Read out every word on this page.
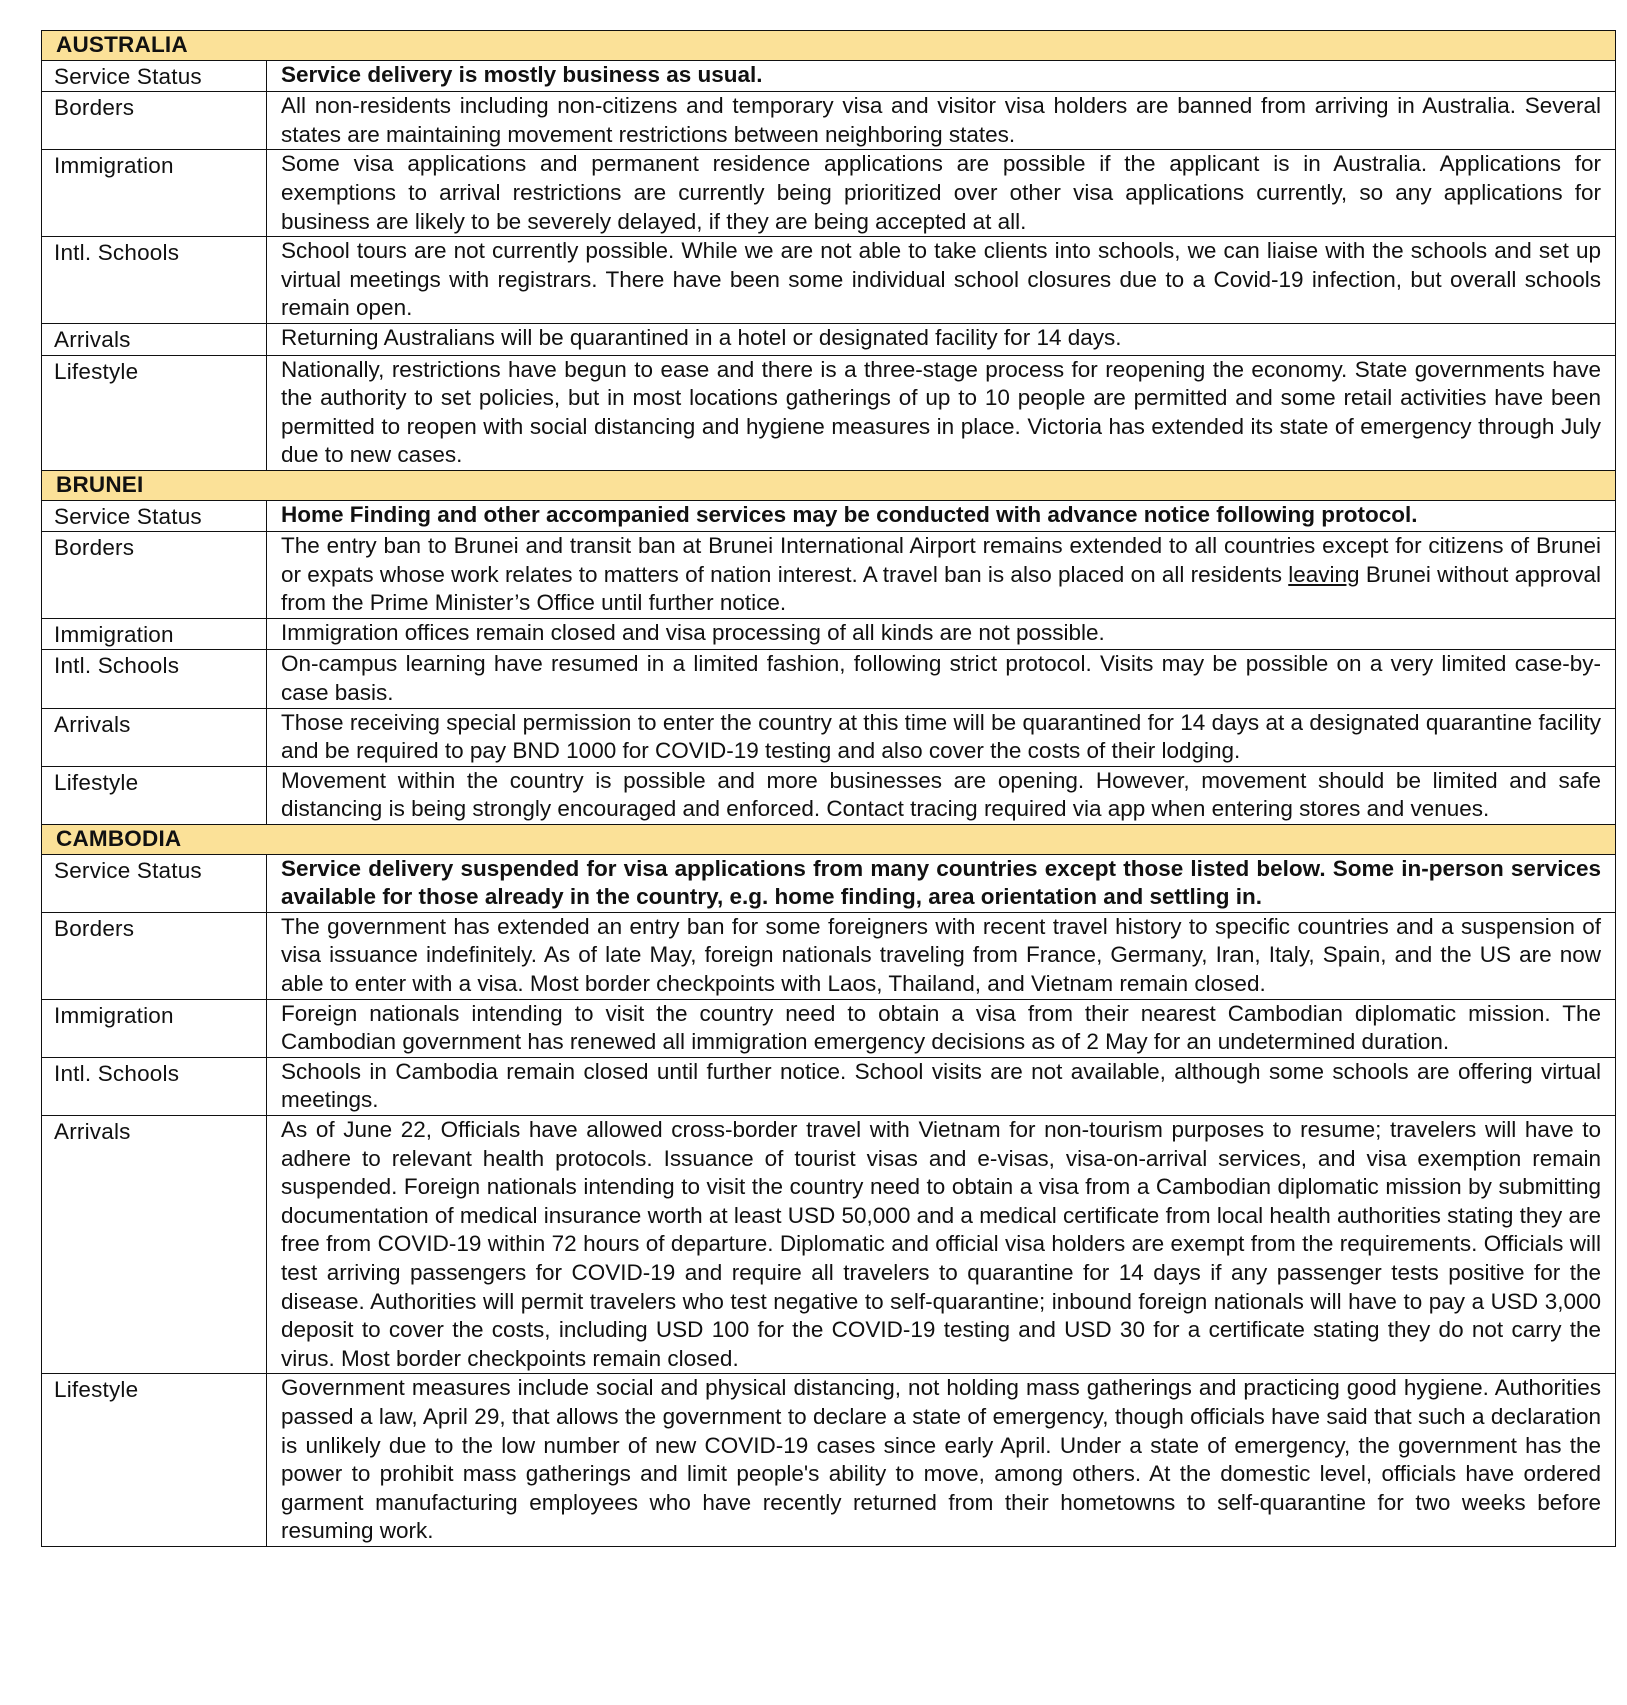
AUSTRALIA	
Service Status	Service delivery is mostly business as usual.
Borders	All non-residents including non-citizens and temporary visa and visitor visa holders are banned from arriving in Australia. Several states are maintaining movement restrictions between neighboring states.
Immigration	Some visa applications and permanent residence applications are possible if the applicant is in Australia. Applications for exemptions to arrival restrictions are currently being prioritized over other visa applications currently, so any applications for business are likely to be severely delayed, if they are being accepted at all.
Intl. Schools	School tours are not currently possible. While we are not able to take clients into schools, we can liaise with the schools and set up virtual meetings with registrars. There have been some individual school closures due to a Covid-19 infection, but overall schools remain open.
Arrivals	Returning Australians will be quarantined in a hotel or designated facility for 14 days.
Lifestyle	Nationally, restrictions have begun to ease and there is a three-stage process for reopening the economy. State governments have the authority to set policies, but in most locations gatherings of up to 10 people are permitted and some retail activities have been permitted to reopen with social distancing and hygiene measures in place. Victoria has extended its state of emergency through July due to new cases.
BRUNEI	
Service Status	Home Finding and other accompanied services may be conducted with advance notice following protocol.
Borders	The entry ban to Brunei and transit ban at Brunei International Airport remains extended to all countries except for citizens of Brunei or expats whose work relates to matters of nation interest. A travel ban is also placed on all residents leaving Brunei without approval from the Prime Minister’s Office until further notice.
Immigration	Immigration offices remain closed and visa processing of all kinds are not possible.
Intl. Schools	On-campus learning have resumed in a limited fashion, following strict protocol. Visits may be possible on a very limited case-by-case basis.
Arrivals	Those receiving special permission to enter the country at this time will be quarantined for 14 days at a designated quarantine facility and be required to pay BND 1000 for COVID-19 testing and also cover the costs of their lodging.
Lifestyle	Movement within the country is possible and more businesses are opening. However, movement should be limited and safe distancing is being strongly encouraged and enforced. Contact tracing required via app when entering stores and venues.
CAMBODIA	
Service Status	Service delivery suspended for visa applications from many countries except those listed below. Some in-person services available for those already in the country, e.g. home finding, area orientation and settling in.
Borders	The government has extended an entry ban for some foreigners with recent travel history to specific countries and a suspension of visa issuance indefinitely. As of late May, foreign nationals traveling from France, Germany, Iran, Italy, Spain, and the US are now able to enter with a visa. Most border checkpoints with Laos, Thailand, and Vietnam remain closed.
Immigration	Foreign nationals intending to visit the country need to obtain a visa from their nearest Cambodian diplomatic mission. The Cambodian government has renewed all immigration emergency decisions as of 2 May for an undetermined duration.
Intl. Schools	Schools in Cambodia remain closed until further notice. School visits are not available, although some schools are offering virtual meetings.
Arrivals	As of June 22, Officials have allowed cross-border travel with Vietnam for non-tourism purposes to resume; travelers will have to adhere to relevant health protocols. Issuance of tourist visas and e-visas, visa-on-arrival services, and visa exemption remain suspended. Foreign nationals intending to visit the country need to obtain a visa from a Cambodian diplomatic mission by submitting documentation of medical insurance worth at least USD 50,000 and a medical certificate from local health authorities stating they are free from COVID-19 within 72 hours of departure. Diplomatic and official visa holders are exempt from the requirements. Officials will test arriving passengers for COVID-19 and require all travelers to quarantine for 14 days if any passenger tests positive for the disease. Authorities will permit travelers who test negative to self-quarantine; inbound foreign nationals will have to pay a USD 3,000 deposit to cover the costs, including USD 100 for the COVID-19 testing and USD 30 for a certificate stating they do not carry the virus. Most border checkpoints remain closed.
Lifestyle	Government measures include social and physical distancing, not holding mass gatherings and practicing good hygiene. Authorities passed a law, April 29, that allows the government to declare a state of emergency, though officials have said that such a declaration is unlikely due to the low number of new COVID-19 cases since early April. Under a state of emergency, the government has the power to prohibit mass gatherings and limit people's ability to move, among others. At the domestic level, officials have ordered garment manufacturing employees who have recently returned from their hometowns to self-quarantine for two weeks before resuming work.
